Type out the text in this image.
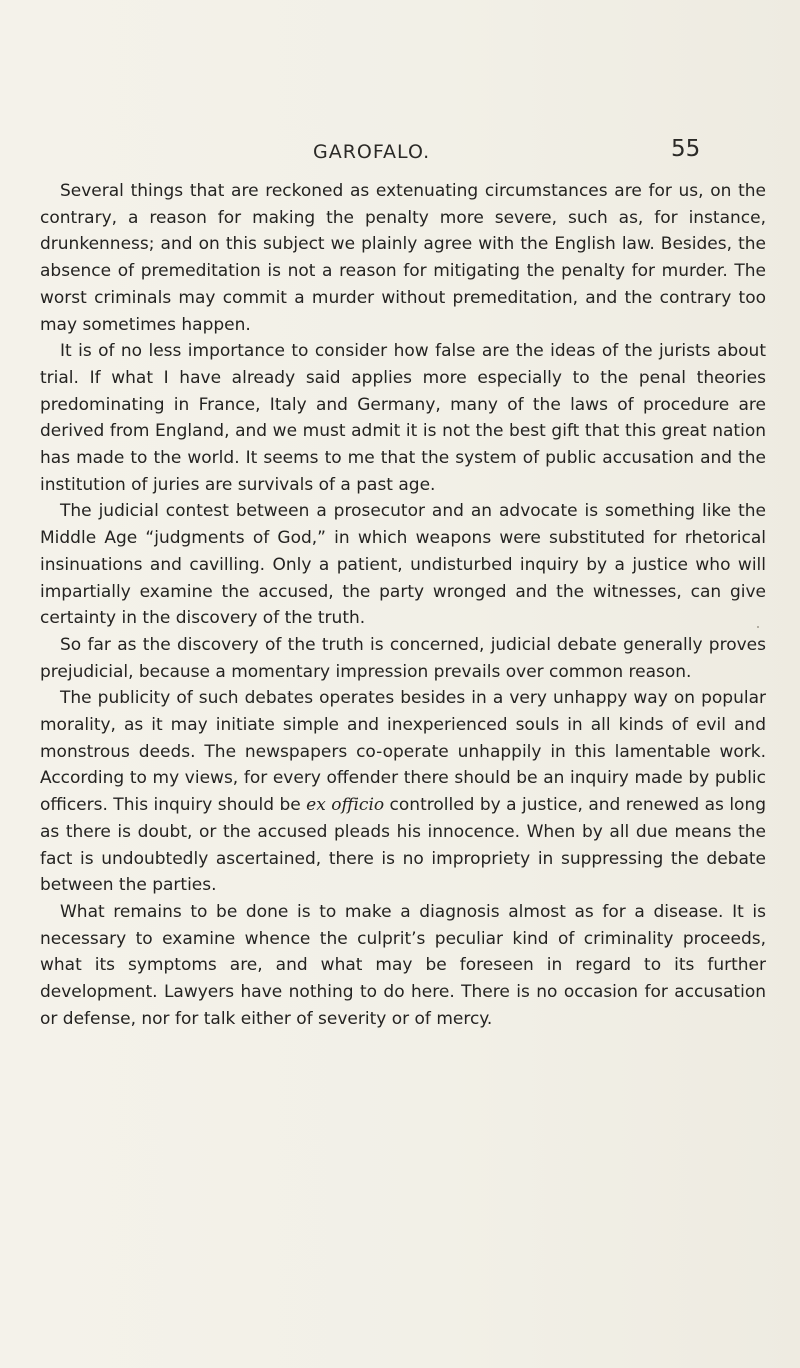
GAROFALO.	55

Several things that are reckoned as extenuating circumstances are for us, on the contrary, a reason for making the penalty more severe, such as, for instance, drunkenness; and on this subject we plainly agree with the English law. Besides, the absence of premeditation is not a reason for mitigating the penalty for murder. The worst criminals may commit a murder without premeditation, and the contrary too may sometimes happen.

It is of no less importance to consider how false are the ideas of the jurists about trial. If what I have already said applies more especially to the penal theories predominating in France, Italy and Germany, many of the laws of procedure are derived from England, and we must admit it is not the best gift that this great nation has made to the world. It seems to me that the system of public accusation and the institution of juries are survivals of a past age.

The judicial contest between a prosecutor and an advocate is something like the Middle Age “judgments of God,” in which weapons were substituted for rhetorical insinuations and cavilling. Only a patient, undisturbed inquiry by a justice who will impartially examine the accused, the party wronged and the witnesses, can give certainty in the discovery of the truth.

So far as the discovery of the truth is concerned, judicial debate generally proves prejudicial, because a momentary impression prevails over common reason.

The publicity of such debates operates besides in a very unhappy way on popular morality, as it may initiate simple and inexperienced souls in all kinds of evil and monstrous deeds. The newspapers co-operate unhappily in this lamentable work. According to my views, for every offender there should be an inquiry made by public officers. This inquiry should be ex officio controlled by a justice, and renewed as long as there is doubt, or the accused pleads his innocence. When by all due means the fact is undoubtedly ascertained, there is no impropriety in suppressing the debate between the parties.

What remains to be done is to make a diagnosis almost as for a disease. It is necessary to examine whence the culprit’s peculiar kind of criminality proceeds, what its symptoms are, and what may be foreseen in regard to its further development. Lawyers have nothing to do here. There is no occasion for accusation or defense, nor for talk either of severity or of mercy.
